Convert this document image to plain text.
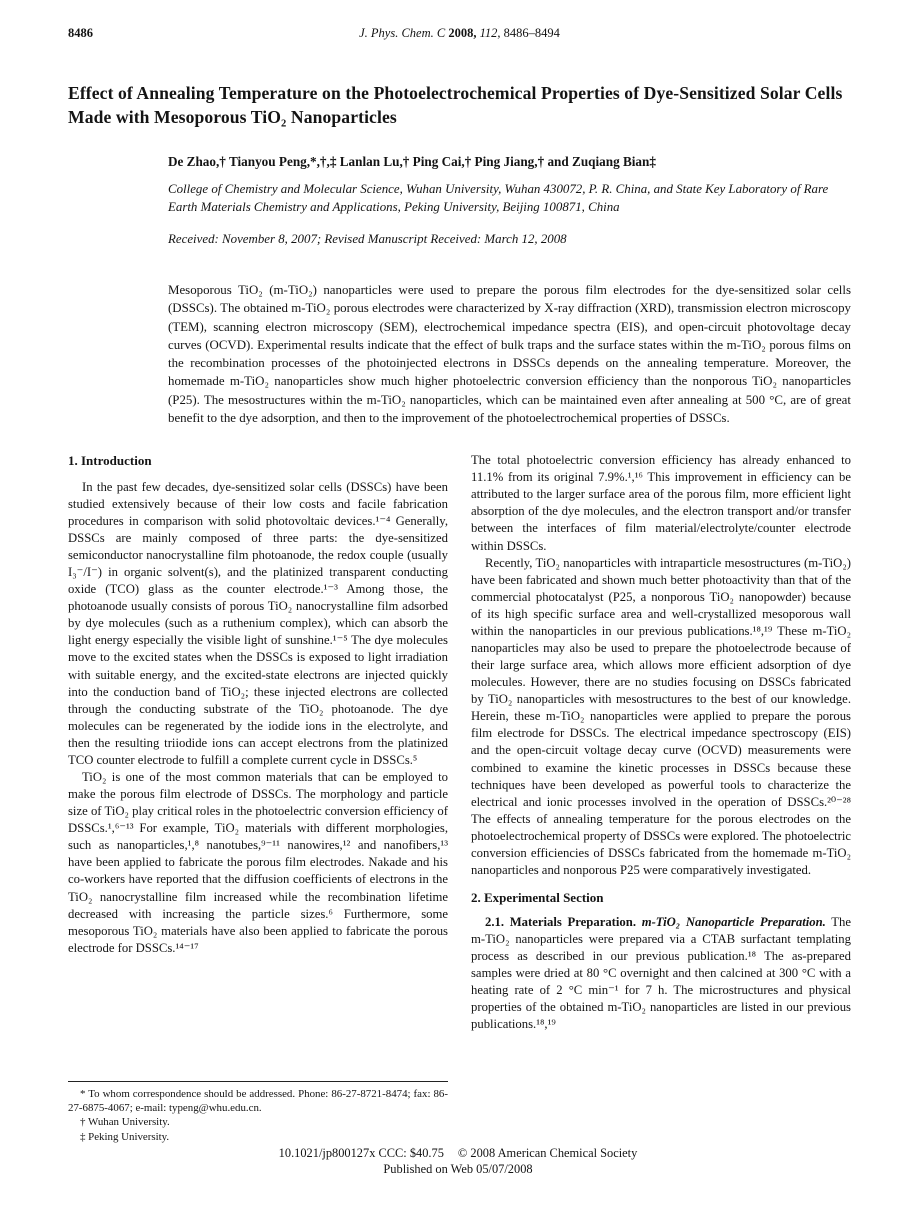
8486	J. Phys. Chem. C 2008, 112, 8486–8494
Effect of Annealing Temperature on the Photoelectrochemical Properties of Dye-Sensitized Solar Cells Made with Mesoporous TiO₂ Nanoparticles
De Zhao,† Tianyou Peng,*,†,‡ Lanlan Lu,† Ping Cai,† Ping Jiang,† and Zuqiang Bian‡
College of Chemistry and Molecular Science, Wuhan University, Wuhan 430072, P. R. China, and State Key Laboratory of Rare Earth Materials Chemistry and Applications, Peking University, Beijing 100871, China
Received: November 8, 2007; Revised Manuscript Received: March 12, 2008
Mesoporous TiO₂ (m-TiO₂) nanoparticles were used to prepare the porous film electrodes for the dye-sensitized solar cells (DSSCs). The obtained m-TiO₂ porous electrodes were characterized by X-ray diffraction (XRD), transmission electron microscopy (TEM), scanning electron microscopy (SEM), electrochemical impedance spectra (EIS), and open-circuit photovoltage decay curves (OCVD). Experimental results indicate that the effect of bulk traps and the surface states within the m-TiO₂ porous films on the recombination processes of the photoinjected electrons in DSSCs depends on the annealing temperature. Moreover, the homemade m-TiO₂ nanoparticles show much higher photoelectric conversion efficiency than the nonporous TiO₂ nanoparticles (P25). The mesostructures within the m-TiO₂ nanoparticles, which can be maintained even after annealing at 500 °C, are of great benefit to the dye adsorption, and then to the improvement of the photoelectrochemical properties of DSSCs.
1. Introduction

In the past few decades, dye-sensitized solar cells (DSSCs) have been studied extensively because of their low costs and facile fabrication procedures in comparison with solid photovoltaic devices.¹⁻⁴ Generally, DSSCs are mainly composed of three parts: the dye-sensitized semiconductor nanocrystalline film photoanode, the redox couple (usually I₃⁻/I⁻) in organic solvent(s), and the platinized transparent conducting oxide (TCO) glass as the counter electrode.¹⁻³ Among those, the photoanode usually consists of porous TiO₂ nanocrystalline film adsorbed by dye molecules (such as a ruthenium complex), which can absorb the light energy especially the visible light of sunshine.¹⁻⁵ The dye molecules move to the excited states when the DSSCs is exposed to light irradiation with suitable energy, and the excited-state electrons are injected quickly into the conduction band of TiO₂; these injected electrons are collected through the conducting substrate of the TiO₂ photoanode. The dye molecules can be regenerated by the iodide ions in the electrolyte, and then the resulting triiodide ions can accept electrons from the platinized TCO counter electrode to fulfill a complete current cycle in DSSCs.⁵

TiO₂ is one of the most common materials that can be employed to make the porous film electrode of DSSCs. The morphology and particle size of TiO₂ play critical roles in the photoelectric conversion efficiency of DSSCs.¹,⁶⁻¹³ For example, TiO₂ materials with different morphologies, such as nanoparticles,¹,⁸ nanotubes,⁹⁻¹¹ nanowires,¹² and nanofibers,¹³ have been applied to fabricate the porous film electrodes. Nakade and his co-workers have reported that the diffusion coefficients of electrons in the TiO₂ nanocrystalline film increased while the recombination lifetime decreased with increasing the particle sizes.⁶ Furthermore, some mesoporous TiO₂ materials have also been applied to fabricate the porous electrode for DSSCs.¹⁴⁻¹⁷

* To whom correspondence should be addressed. Phone: 86-27-8721-8474; fax: 86-27-6875-4067; e-mail: typeng@whu.edu.cn.

† Wuhan University.

‡ Peking University.

The total photoelectric conversion efficiency has already enhanced to 11.1% from its original 7.9%.¹,¹⁶ This improvement in efficiency can be attributed to the larger surface area of the porous film, more efficient light absorption of the dye molecules, and the electron transport and/or transfer between the interfaces of film material/electrolyte/counter electrode within DSSCs.

Recently, TiO₂ nanoparticles with intraparticle mesostructures (m-TiO₂) have been fabricated and shown much better photoactivity than that of the commercial photocatalyst (P25, a nonporous TiO₂ nanopowder) because of its high specific surface area and well-crystallized mesoporous wall within the nanoparticles in our previous publications.¹⁸,¹⁹ These m-TiO₂ nanoparticles may also be used to prepare the photoelectrode because of their large surface area, which allows more efficient adsorption of dye molecules. However, there are no studies focusing on DSSCs fabricated by TiO₂ nanoparticles with mesostructures to the best of our knowledge. Herein, these m-TiO₂ nanoparticles were applied to prepare the porous film electrode for DSSCs. The electrical impedance spectroscopy (EIS) and the open-circuit voltage decay curve (OCVD) measurements were combined to examine the kinetic processes in DSSCs because these techniques have been developed as powerful tools to characterize the electrical and ionic processes involved in the operation of DSSCs.²⁰⁻²⁸ The effects of annealing temperature for the porous electrodes on the photoelectrochemical property of DSSCs were explored. The photoelectric conversion efficiencies of DSSCs fabricated from the homemade m-TiO₂ nanoparticles and nonporous P25 were comparatively investigated.

2. Experimental Section

2.1. Materials Preparation. m-TiO₂ Nanoparticle Preparation. The m-TiO₂ nanoparticles were prepared via a CTAB surfactant templating process as described in our previous publication.¹⁸ The as-prepared samples were dried at 80 °C overnight and then calcined at 300 °C with a heating rate of 2 °C min⁻¹ for 7 h. The microstructures and physical properties of the obtained m-TiO₂ nanoparticles are listed in our previous publications.¹⁸,¹⁹

10.1021/jp800127x CCC: $40.75 © 2008 American Chemical Society
Published on Web 05/07/2008
